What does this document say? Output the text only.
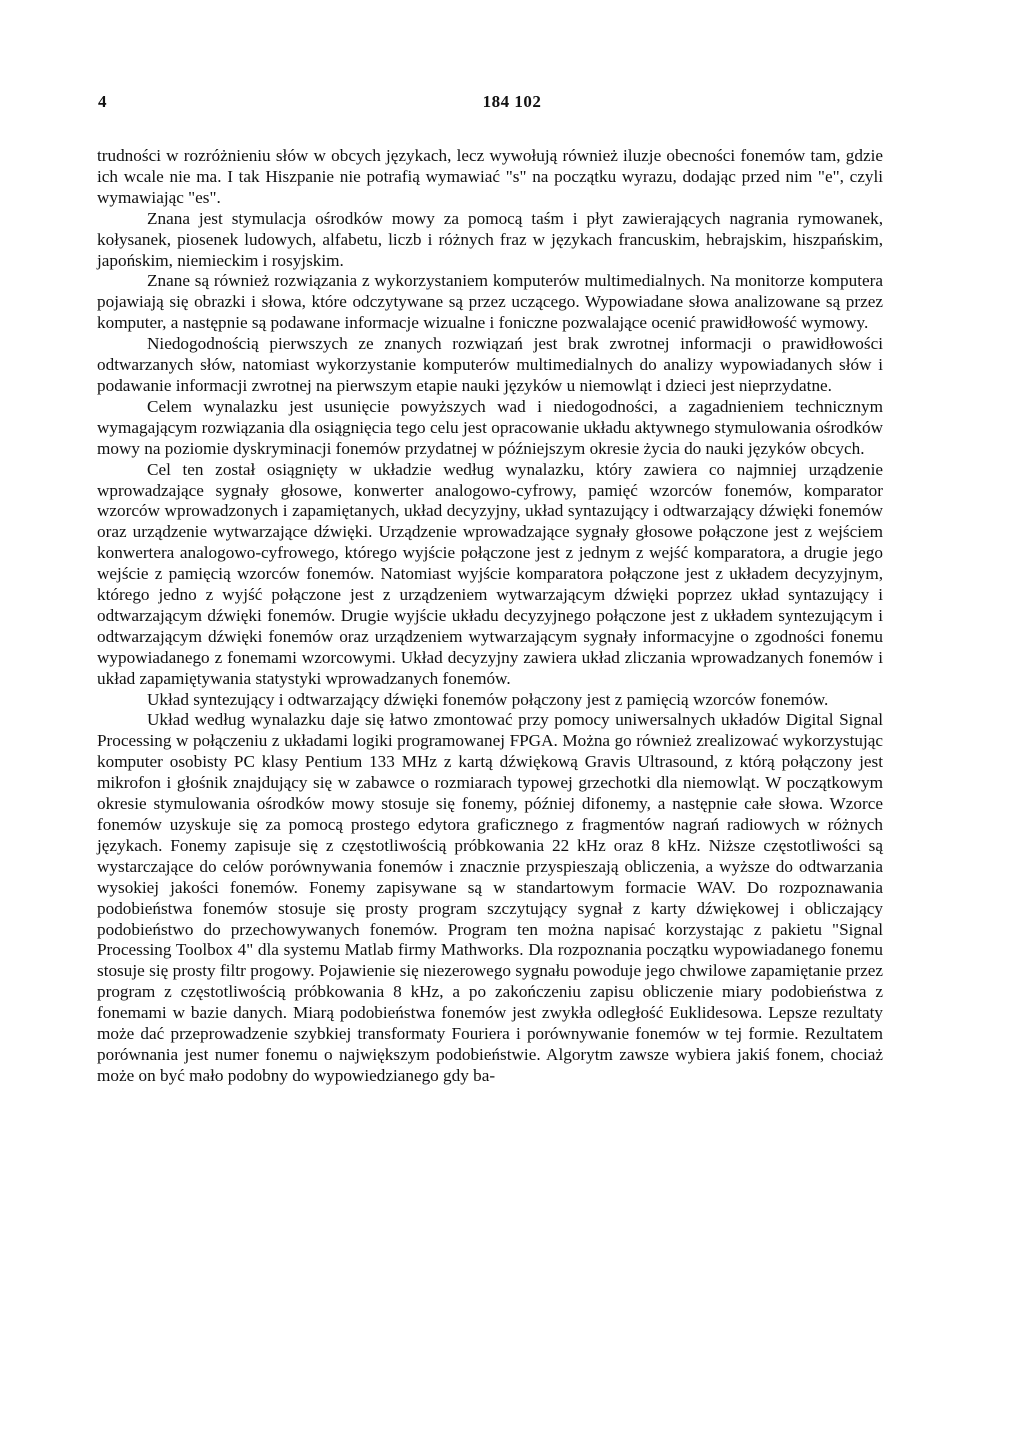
4	184 102

trudności w rozróżnieniu słów w obcych językach, lecz wywołują również iluzje obecności fonemów tam, gdzie ich wcale nie ma. I tak Hiszpanie nie potrafią wymawiać "s" na początku wyrazu, dodając przed nim "e", czyli wymawiając "es".

Znana jest stymulacja ośrodków mowy za pomocą taśm i płyt zawierających nagrania rymowanek, kołysanek, piosenek ludowych, alfabetu, liczb i różnych fraz w językach francuskim, hebrajskim, hiszpańskim, japońskim, niemieckim i rosyjskim.

Znane są również rozwiązania z wykorzystaniem komputerów multimedialnych. Na monitorze komputera pojawiają się obrazki i słowa, które odczytywane są przez uczącego. Wypowiadane słowa analizowane są przez komputer, a następnie są podawane informacje wizualne i foniczne pozwalające ocenić prawidłowość wymowy.

Niedogodnością pierwszych ze znanych rozwiązań jest brak zwrotnej informacji o prawidłowości odtwarzanych słów, natomiast wykorzystanie komputerów multimedialnych do analizy wypowiadanych słów i podawanie informacji zwrotnej na pierwszym etapie nauki języków u niemowląt i dzieci jest nieprzydatne.

Celem wynalazku jest usunięcie powyższych wad i niedogodności, a zagadnieniem technicznym wymagającym rozwiązania dla osiągnięcia tego celu jest opracowanie układu aktywnego stymulowania ośrodków mowy na poziomie dyskryminacji fonemów przydatnej w późniejszym okresie życia do nauki języków obcych.

Cel ten został osiągnięty w układzie według wynalazku, który zawiera co najmniej urządzenie wprowadzające sygnały głosowe, konwerter analogowo-cyfrowy, pamięć wzorców fonemów, komparator wzorców wprowadzonych i zapamiętanych, układ decyzyjny, układ syntazujący i odtwarzający dźwięki fonemów oraz urządzenie wytwarzające dźwięki. Urządzenie wprowadzające sygnały głosowe połączone jest z wejściem konwertera analogowo-cyfrowego, którego wyjście połączone jest z jednym z wejść komparatora, a drugie jego wejście z pamięcią wzorców fonemów. Natomiast wyjście komparatora połączone jest z układem decyzyjnym, którego jedno z wyjść połączone jest z urządzeniem wytwarzającym dźwięki poprzez układ syntazujący i odtwarzającym dźwięki fonemów. Drugie wyjście układu decyzyjnego połączone jest z układem syntezującym i odtwarzającym dźwięki fonemów oraz urządzeniem wytwarzającym sygnały informacyjne o zgodności fonemu wypowiadanego z fonemami wzorcowymi. Układ decyzyjny zawiera układ zliczania wprowadzanych fonemów i układ zapamiętywania statystyki wprowadzanych fonemów.

Układ syntezujący i odtwarzający dźwięki fonemów połączony jest z pamięcią wzorców fonemów.

Układ według wynalazku daje się łatwo zmontować przy pomocy uniwersalnych układów Digital Signal Processing w połączeniu z układami logiki programowanej FPGA. Można go również zrealizować wykorzystując komputer osobisty PC klasy Pentium 133 MHz z kartą dźwiękową Gravis Ultrasound, z którą połączony jest mikrofon i głośnik znajdujący się w zabawce o rozmiarach typowej grzechotki dla niemowląt. W początkowym okresie stymulowania ośrodków mowy stosuje się fonemy, później difonemy, a następnie całe słowa. Wzorce fonemów uzyskuje się za pomocą prostego edytora graficznego z fragmentów nagrań radiowych w różnych językach. Fonemy zapisuje się z częstotliwością próbkowania 22 kHz oraz 8 kHz. Niższe częstotliwości są wystarczające do celów porównywania fonemów i znacznie przyspieszają obliczenia, a wyższe do odtwarzania wysokiej jakości fonemów. Fonemy zapisywane są w standartowym formacie WAV. Do rozpoznawania podobieństwa fonemów stosuje się prosty program szczytujący sygnał z karty dźwiękowej i obliczający podobieństwo do przechowywanych fonemów. Program ten można napisać korzystając z pakietu "Signal Processing Toolbox 4" dla systemu Matlab firmy Mathworks. Dla rozpoznania początku wypowiadanego fonemu stosuje się prosty filtr progowy. Pojawienie się niezerowego sygnału powoduje jego chwilowe zapamiętanie przez program z częstotliwością próbkowania 8 kHz, a po zakończeniu zapisu obliczenie miary podobieństwa z fonemami w bazie danych. Miarą podobieństwa fonemów jest zwykła odległość Euklidesowa. Lepsze rezultaty może dać przeprowadzenie szybkiej transformaty Fouriera i porównywanie fonemów w tej formie. Rezultatem porównania jest numer fonemu o największym podobieństwie. Algorytm zawsze wybiera jakiś fonem, chociaż może on być mało podobny do wypowiedzianego gdy ba-
